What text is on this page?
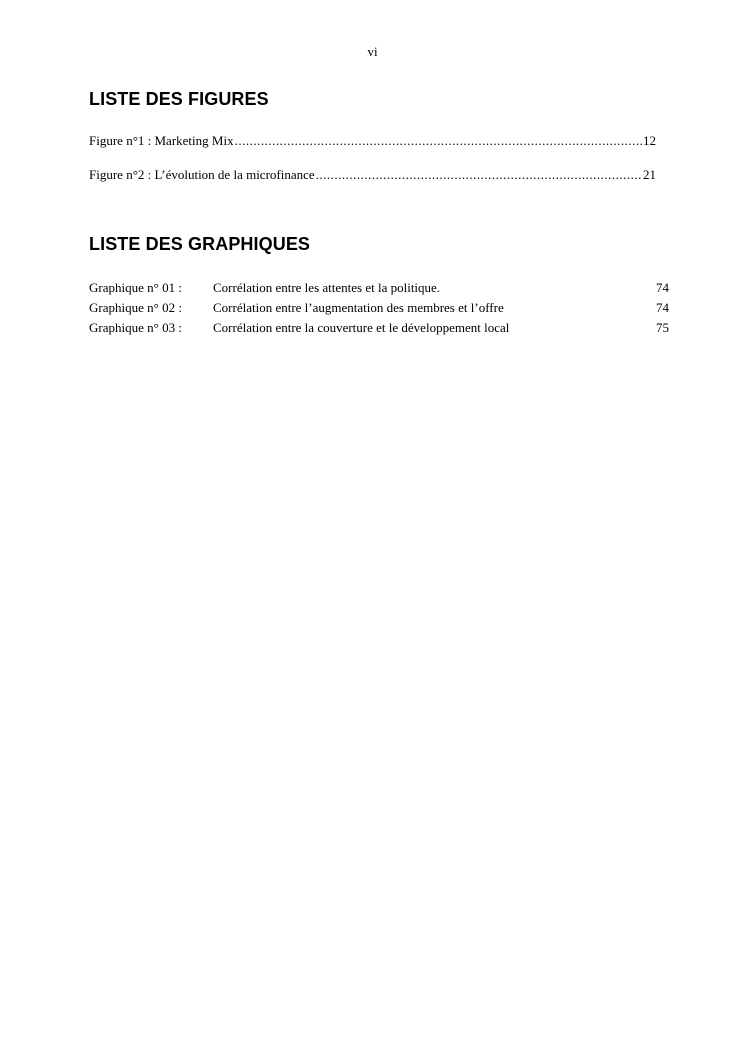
vi
LISTE DES FIGURES
Figure n°1 : Marketing Mix .....	12
Figure n°2 : L’évolution de la microfinance .....	21
LISTE DES GRAPHIQUES
Graphique n° 01 : Corrélation entre les attentes et la politique.	74
Graphique n° 02 : Corrélation entre l’augmentation des membres et l’offre	74
Graphique n° 03 : Corrélation entre la couverture et le développement local	75
